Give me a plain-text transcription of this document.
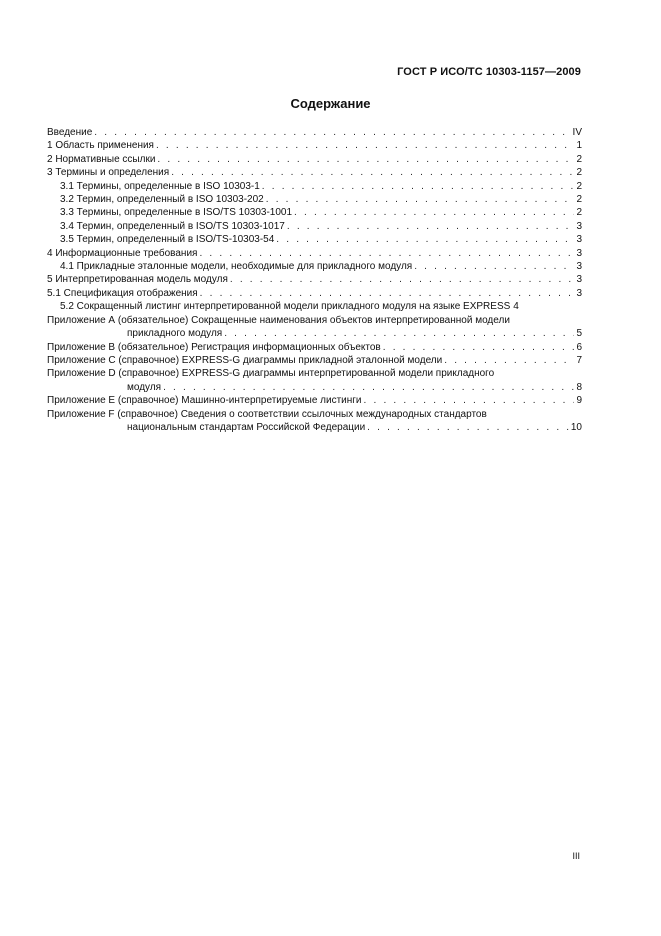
ГОСТ Р ИСО/ТС 10303-1157—2009
Содержание
Введение . . .	IV
1 Область применения . . .	1
2 Нормативные ссылки . . .	2
3 Термины и определения . . .	2
3.1 Термины, определенные в ISO 10303-1 . . .	2
3.2 Термин, определенный в ISO 10303-202 . . .	2
3.3 Термины, определенные в ISO/TS 10303-1001 . . .	2
3.4 Термин, определенный в ISO/TS 10303-1017 . . .	3
3.5 Термин, определенный в ISO/TS-10303-54 . . .	3
4 Информационные требования . . .	3
4.1 Прикладные эталонные модели, необходимые для прикладного модуля . . .	3
5 Интерпретированная модель модуля . . .	3
5.1 Спецификация отображения . . .	3
5.2 Сокращенный листинг интерпретированной модели прикладного модуля на языке EXPRESS 4
Приложение А (обязательное) Сокращенные наименования объектов интерпретированной модели
прикладного модуля . . .	5
Приложение В (обязательное) Регистрация информационных объектов . . .	6
Приложение С (справочное) EXPRESS-G диаграммы прикладной эталонной модели . . .	7
Приложение D (справочное) EXPRESS-G диаграммы интерпретированной модели прикладного
модуля . . .	8
Приложение Е (справочное) Машинно-интерпретируемые листинги . . .	9
Приложение F (справочное) Сведения о соответствии ссылочных международных стандартов
национальным стандартам Российской Федерации . . .	10
III
